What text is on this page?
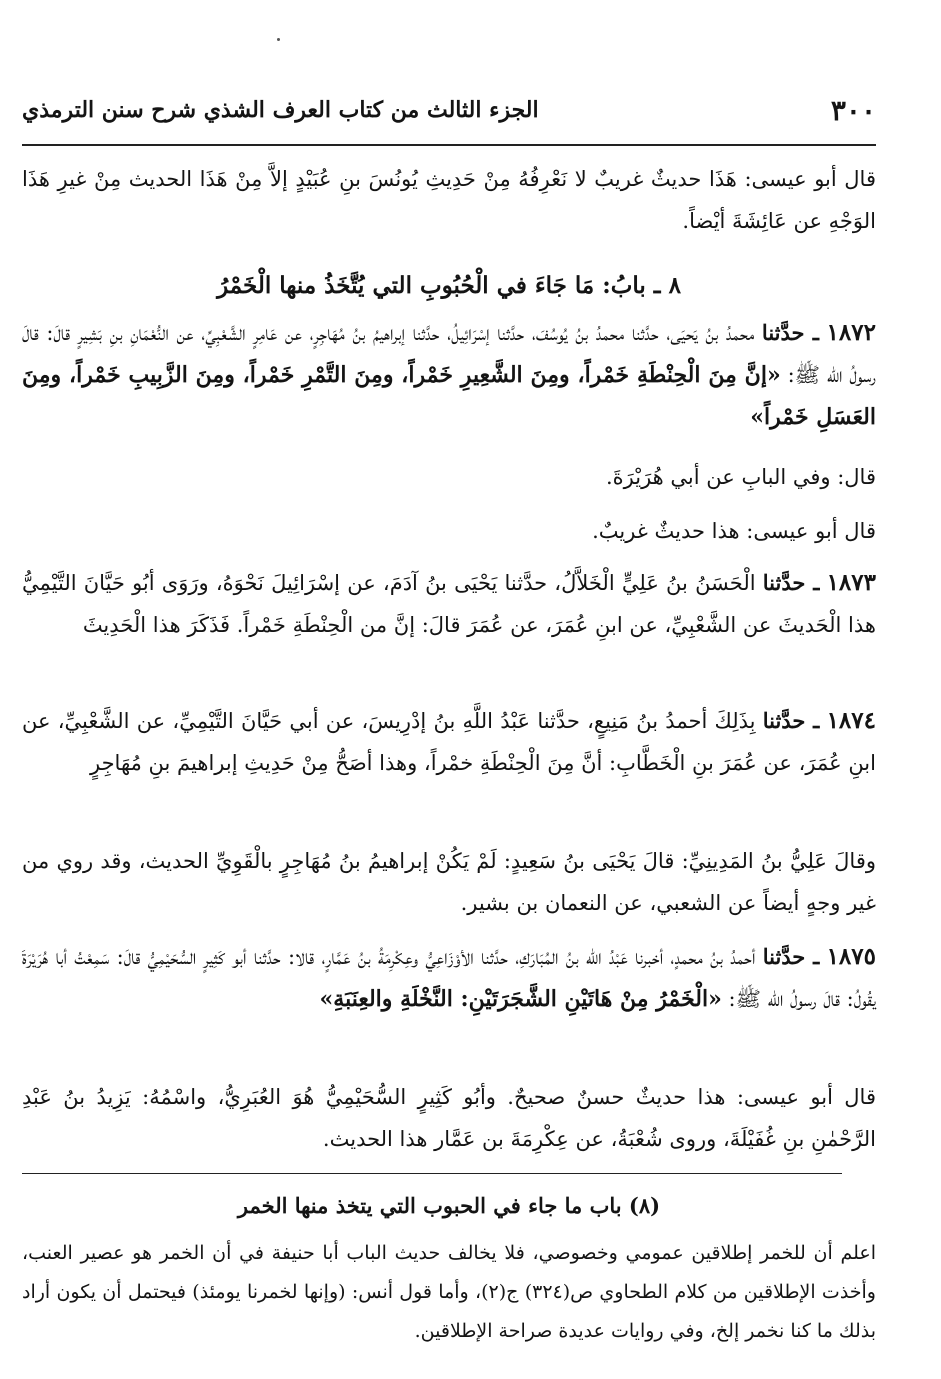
٣٠٠
الجزء الثالث من كتاب العرف الشذي شرح سنن الترمذي

قال أبو عيسى: هَذَا حديثٌ غريبٌ لا نَعْرِفُهُ مِنْ حَدِيثِ يُونُسَ بنِ عُبَيْدٍ إلاَّ مِنْ هَذَا الحديث مِنْ غيرِ هَذَا الوَجْهِ عن عَائِشَةَ أيْضاً.

٨ ـ بابُ: مَا جَاءَ في الْحُبُوبِ التي يُتَّخَذُ منها الْخَمْرُ

١٨٧٢ ـ حدَّثنا محمدُ بنُ يَحيَى، حدَّثنا محمدُ بنُ يُوسُفَ، حدَّثنا إسْرَائِيلُ، حدَّثنا إبراهيمُ بنُ مُهَاجِرٍ، عن عَامِرٍ الشَّعْبِيِّ، عن النُّعْمَانِ بنِ بَشِيرٍ قالَ: قالَ رسولُ الله ﷺ: «إنَّ مِنَ الْحِنْطَةِ خَمْراً، ومِنَ الشَّعِيرِ خَمْراً، ومِنَ التَّمْرِ خَمْراً، ومِنَ الزَّبِيبِ خَمْراً، ومِنَ العَسَلِ خَمْراً»

قال: وفي البابِ عن أبي هُرَيْرَةَ.

قال أبو عيسى: هذا حديثٌ غريبٌ.

١٨٧٣ ـ حدَّثنا الْحَسَنُ بنُ عَلِيٍّ الْخَلاَّلُ، حدَّثنا يَحْيَى بنُ آدَمَ، عن إسْرَائِيلَ نَحْوَهُ، ورَوَى أبُو حَيَّانَ التَّيْمِيُّ هذا الْحَديثَ عن الشَّعْبِيِّ، عن ابنِ عُمَرَ، عن عُمَرَ قالَ: إنَّ من الْحِنْطَةِ خَمْراً. فَذَكَرَ هذا الْحَدِيثَ

١٨٧٤ ـ حدَّثنا بِذَلِكَ أحمدُ بنُ مَنِيعٍ، حدَّثنا عَبْدُ اللَّهِ بنُ إدْرِيسَ، عن أبي حَيَّانَ التَّيْمِيِّ، عن الشَّعْبِيِّ، عن ابنِ عُمَرَ، عن عُمَرَ بنِ الْخَطَّابِ: أنَّ مِنَ الْحِنْطَةِ خمْراً، وهذا أصَحُّ مِنْ حَدِيثِ إبراهيمَ بنِ مُهَاجِرٍ

وقالَ عَلِيُّ بنُ المَدِينِيِّ: قالَ يَحْيَى بنُ سَعِيدٍ: لَمْ يَكُنْ إبراهيمُ بنُ مُهَاجِرٍ بالْقَوِيِّ الحديث، وقد روي من غير وجهٍ أيضاً عن الشعبي، عن النعمان بن بشير.

١٨٧٥ ـ حدَّثنا أحمدُ بنُ محمدٍ، أخبرنا عَبْدُ الله بنُ المُبَارَكِ، حدَّثنا الأوْزَاعِيُّ وعِكْرِمَةُ بنُ عَمَّارٍ، قالا: حدَّثنا أبو كَثِيرٍ السُّحَيْمِيُّ قالَ: سَمِعْتُ أبا هُرَيْرَةَ يقُولُ: قالَ رسولُ الله ﷺ: «الْخَمْرُ مِنْ هَاتَيْنِ الشَّجَرَتَيْنِ: النَّخْلَةِ والعِنَبَةِ»

قال أبو عيسى: هذا حديثٌ حسنٌ صحيحٌ. وأبُو كَثِيرٍ السُّحَيْمِيُّ هُوَ العُبَرِيُّ، واسْمُهُ: يَزِيدُ بنُ عَبْدِ الرَّحْمٰنِ بنِ غُفَيْلَةَ، وروى شُعْبَةُ، عن عِكْرِمَةَ بن عَمَّار هذا الحديث.

(٨) باب ما جاء في الحبوب التي يتخذ منها الخمر

اعلم أن للخمر إطلاقين عمومي وخصوصي، فلا يخالف حديث الباب أبا حنيفة في أن الخمر هو عصير العنب، وأخذت الإطلاقين من كلام الطحاوي ص(٣٢٤) ج(٢)، وأما قول أنس: (وإنها لخمرنا يومئذ) فيحتمل أن يكون أراد بذلك ما كنا نخمر إلخ، وفي روايات عديدة صراحة الإطلاقين.
